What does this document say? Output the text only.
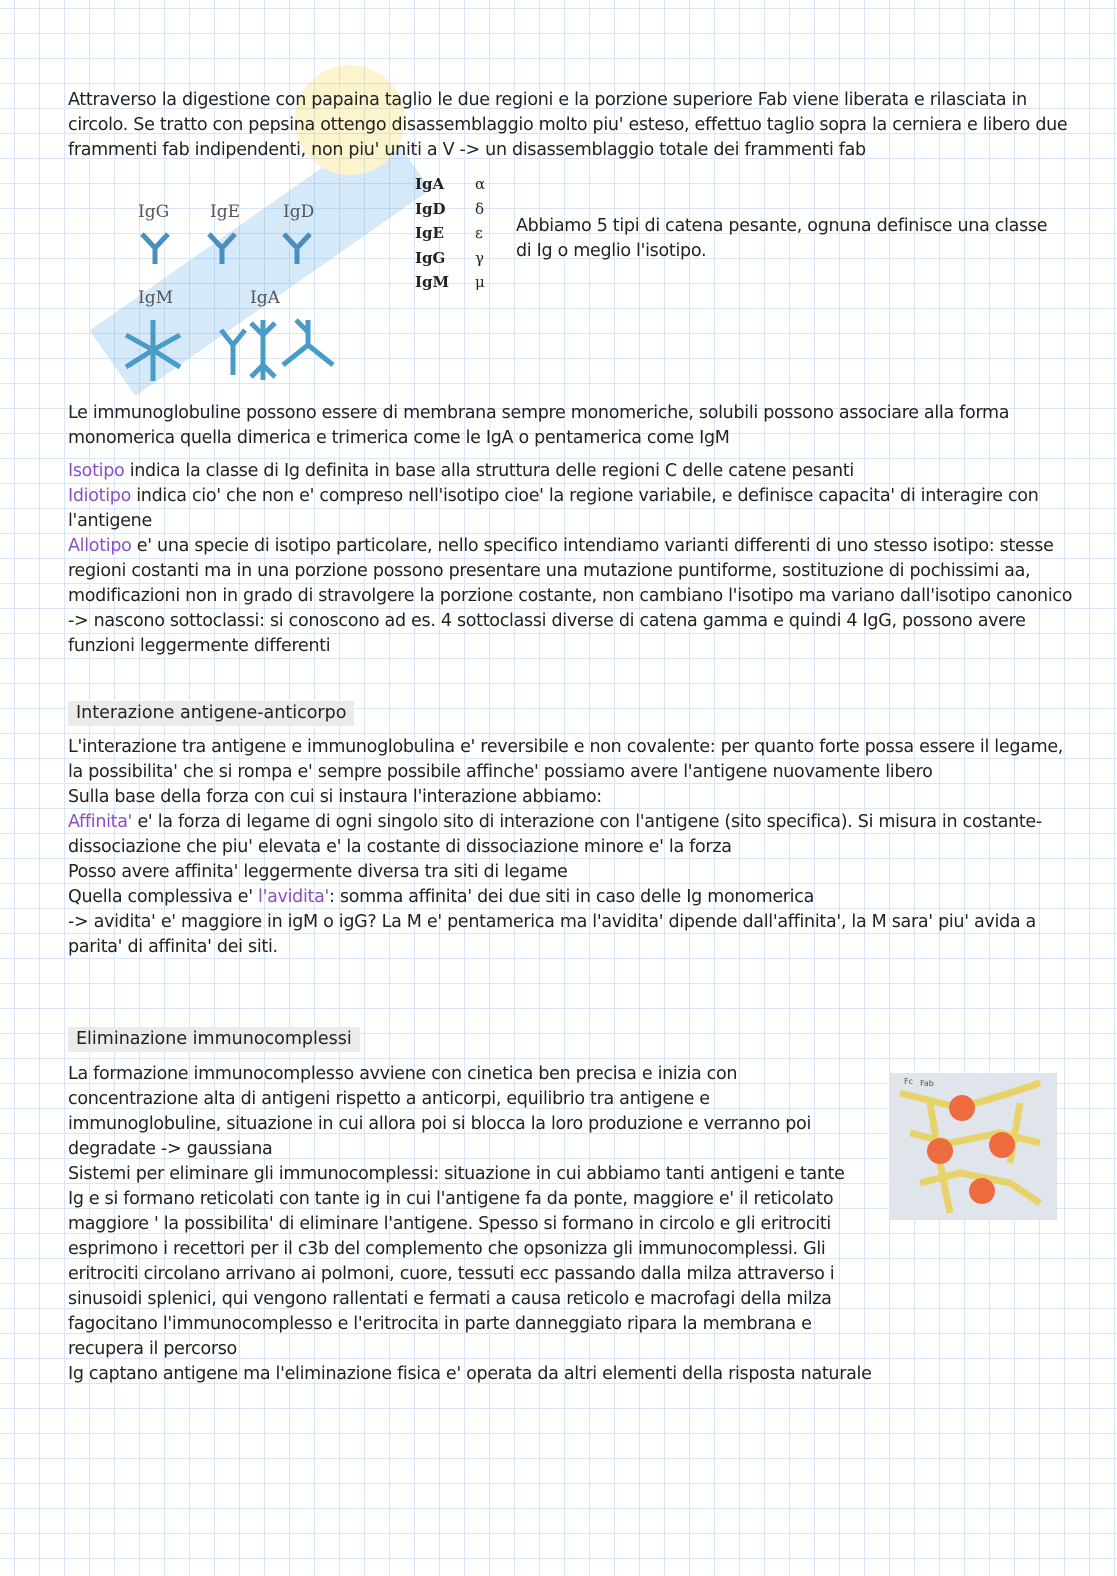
Attraverso la digestione con papaina taglio le due regioni e la porzione superiore Fab viene liberata e rilasciata in circolo. Se tratto con pepsina ottengo disassemblaggio molto piu' esteso, effettuo taglio sopra la cerniera e libero due frammenti fab indipendenti, non piu' uniti a V -> un disassemblaggio totale dei frammenti fab

IgG IgE	IgD
IgM	IgA
IgA α
IgD δ
IgE ε
IgG γ
IgM μ

Abbiamo 5 tipi di catena pesante, ognuna definisce una classe di Ig o meglio l'isotipo.

Le immunoglobuline possono essere di membrana sempre monomeriche, solubili possono associare alla forma monomerica quella dimerica e trimerica come le IgA o pentamerica come IgM

Isotipo indica la classe di Ig definita in base alla struttura delle regioni C delle catene pesanti

Idiotipo indica cio' che non e' compreso nell'isotipo cioe' la regione variabile, e definisce capacita' di interagire con l'antigene

Allotipo e' una specie di isotipo particolare, nello specifico intendiamo varianti differenti di uno stesso isotipo: stesse regioni costanti ma in una porzione possono presentare una mutazione puntiforme, sostituzione di pochissimi aa, modificazioni non in grado di stravolgere la porzione costante, non cambiano l'isotipo ma variano dall'isotipo canonico -> nascono sottoclassi: si conoscono ad es. 4 sottoclassi diverse di catena gamma e quindi 4 IgG, possono avere funzioni leggermente differenti

Interazione antigene-anticorpo

L'interazione tra antigene e immunoglobulina e' reversibile e non covalente: per quanto forte possa essere il legame, la possibilita' che si rompa e' sempre possibile affinche' possiamo avere l'antigene nuovamente libero

Sulla base della forza con cui si instaura l'interazione abbiamo:

Affinita' e' la forza di legame di ogni singolo sito di interazione con l'antigene (sito specifica). Si misura in costante-dissociazione che piu' elevata e' la costante di dissociazione minore e' la forza

Posso avere affinita' leggermente diversa tra siti di legame

Quella complessiva e' l'avidita': somma affinita' dei due siti in caso delle Ig monomerica

-> avidita' e' maggiore in igM o igG? La M e' pentamerica ma l'avidita' dipende dall'affinita', la M sara' piu' avida a parita' di affinita' dei siti.

Eliminazione immunocomplessi

La formazione immunocomplesso avviene con cinetica ben precisa e inizia con concentrazione alta di antigeni rispetto a anticorpi, equilibrio tra antigene e immunoglobuline, situazione in cui allora poi si blocca la loro produzione e verranno poi degradate -> gaussiana

Sistemi per eliminare gli immunocomplessi: situazione in cui abbiamo tanti antigeni e tante Ig e si formano reticolati con tante ig in cui l'antigene fa da ponte, maggiore e' il reticolato maggiore ' la possibilita' di eliminare l'antigene. Spesso si formano in circolo e gli eritrociti esprimono i recettori per il c3b del complemento che opsonizza gli immunocomplessi. Gli eritrociti circolano arrivano ai polmoni, cuore, tessuti ecc passando dalla milza attraverso i sinusoidi splenici, qui vengono rallentati e fermati a causa reticolo e macrofagi della milza fagocitano l'immunocomplesso e l'eritrocita in parte danneggiato ripara la membrana e recupera il percorso

Ig captano antigene ma l'eliminazione fisica e' operata da altri elementi della risposta naturale

Fc Fab
